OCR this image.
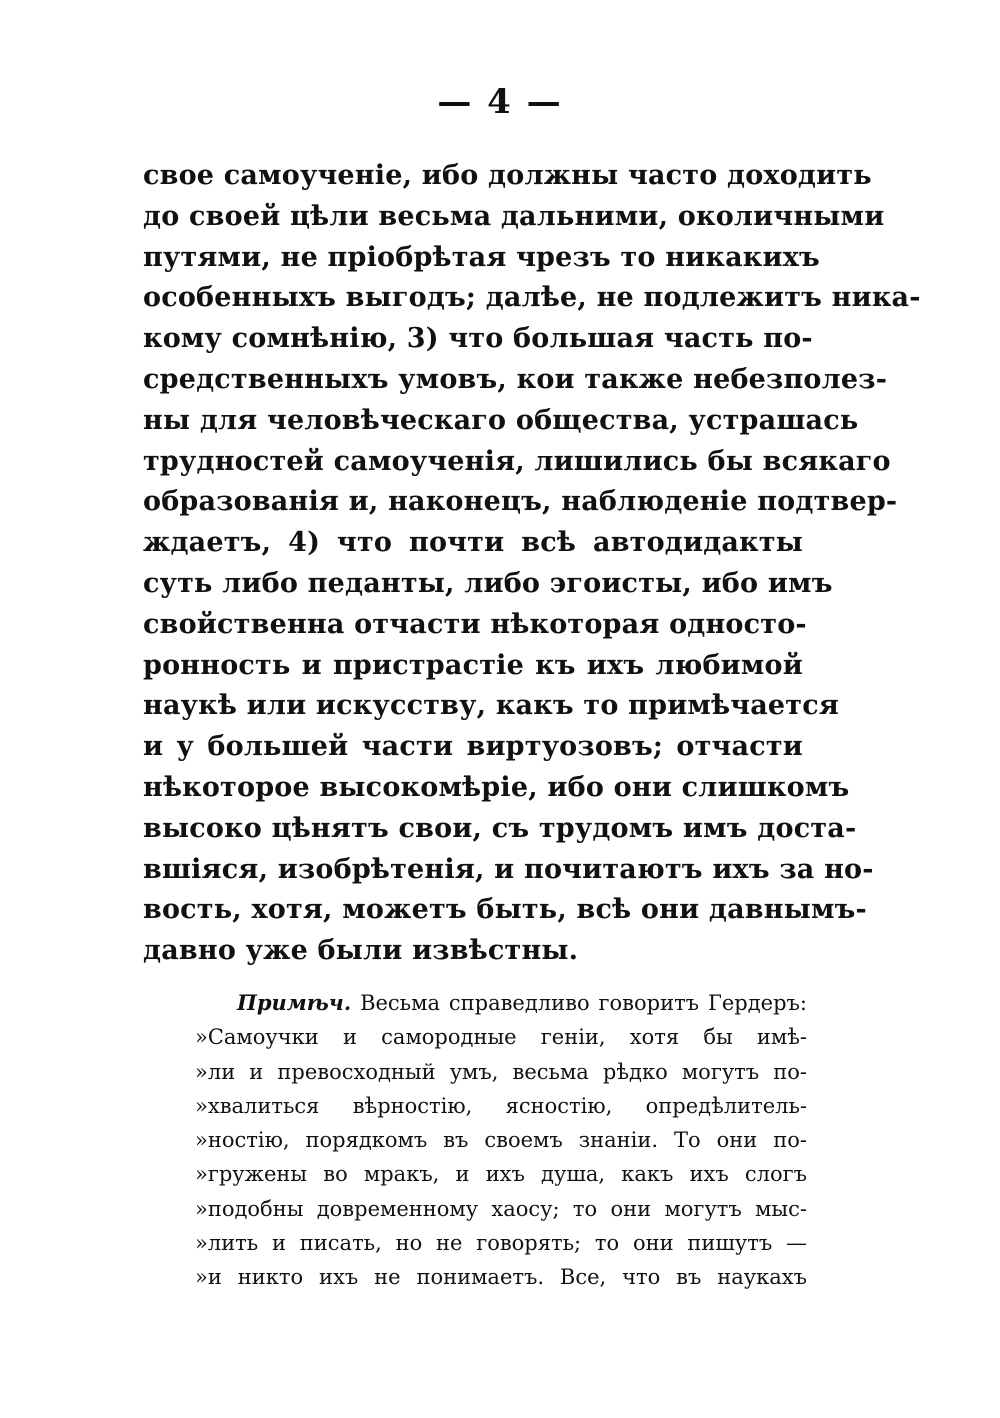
— 4 —
свое самоученіе, ибо должны часто доходить
до своей цѣли весьма дальними, околичными
путями, не пріобрѣтая чрезъ то никакихъ
особенныхъ выгодъ; далѣе, не подлежитъ ника-
кому сомнѣнію, 3) что большая часть по-
средственныхъ умовъ, кои также небезполез-
ны для человѣческаго общества, устрашась
трудностей самоученія, лишились бы всякаго
образованія и, наконецъ, наблюденіе подтвер-
ждаетъ, 4) что почти всѣ автодидакты
суть либо педанты, либо эгоисты, ибо имъ
свойственна отчасти нѣкоторая односто-
ронность и пристрастіе къ ихъ любимой
наукѣ или искусству, какъ то примѣчается
и у большей части виртуозовъ; отчасти
нѣкоторое высокомѣріе, ибо они слишкомъ
высоко цѣнятъ свои, съ трудомъ имъ доста-
вшіяся, изобрѣтенія, и почитаютъ ихъ за но-
вость, хотя, можетъ быть, всѣ они давнымъ-
давно уже были извѣстны.
Примѣч. Весьма справедливо говоритъ Гердеръ:
»Самоучки и самородные геніи, хотя бы имѣ-
»ли и превосходный умъ, весьма рѣдко могутъ по-
»хвалиться вѣрностію, ясностію, опредѣлитель-
»ностію, порядкомъ въ своемъ знаніи. То они по-
»гружены во мракъ, и ихъ душа, какъ ихъ слогъ
»подобны довременному хаосу; то они могутъ мыс-
»лить и писать, но не говорять; то они пишутъ —
»и никто ихъ не понимаетъ. Все, что въ наукахъ
